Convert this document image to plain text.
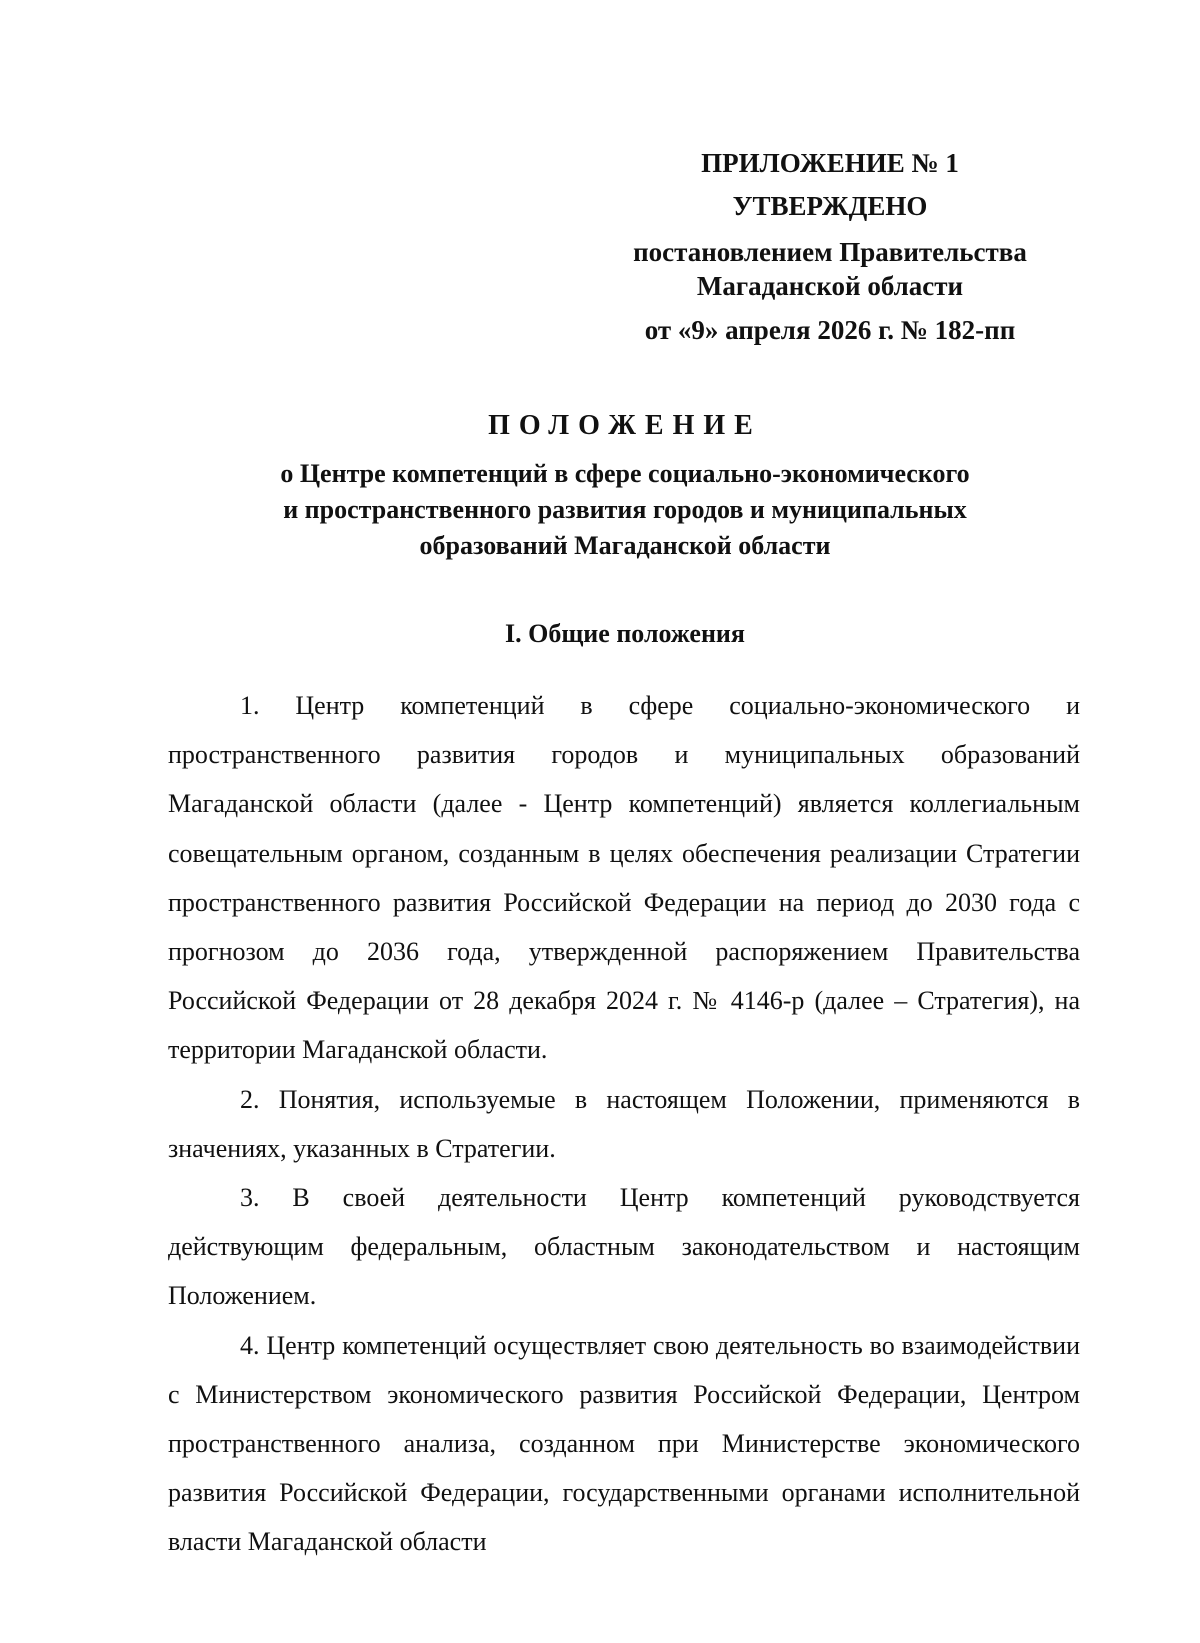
ПРИЛОЖЕНИЕ № 1
УТВЕРЖДЕНО
постановлением Правительства
Магаданской области
от «9» апреля 2026 г. № 182-пп
ПОЛОЖЕНИЕ
о Центре компетенций в сфере социально-экономического
и пространственного развития городов и муниципальных
образований Магаданской области
I. Общие положения

1. Центр компетенций в сфере социально-экономического и пространственного развития городов и муниципальных образований Магаданской области (далее - Центр компетенций) является коллегиальным совещательным органом, созданным в целях обеспечения реализации Стратегии пространственного развития Российской Федерации на период до 2030 года с прогнозом до 2036 года, утвержденной распоряжением Правительства Российской Федерации от 28 декабря 2024 г. № 4146-р (далее – Стратегия), на территории Магаданской области.

2. Понятия, используемые в настоящем Положении, применяются в значениях, указанных в Стратегии.

3. В своей деятельности Центр компетенций руководствуется действующим федеральным, областным законодательством и настоящим Положением.

4. Центр компетенций осуществляет свою деятельность во взаимодействии с Министерством экономического развития Российской Федерации, Центром пространственного анализа, созданном при Министерстве экономического развития Российской Федерации, государственными органами исполнительной власти Магаданской области
